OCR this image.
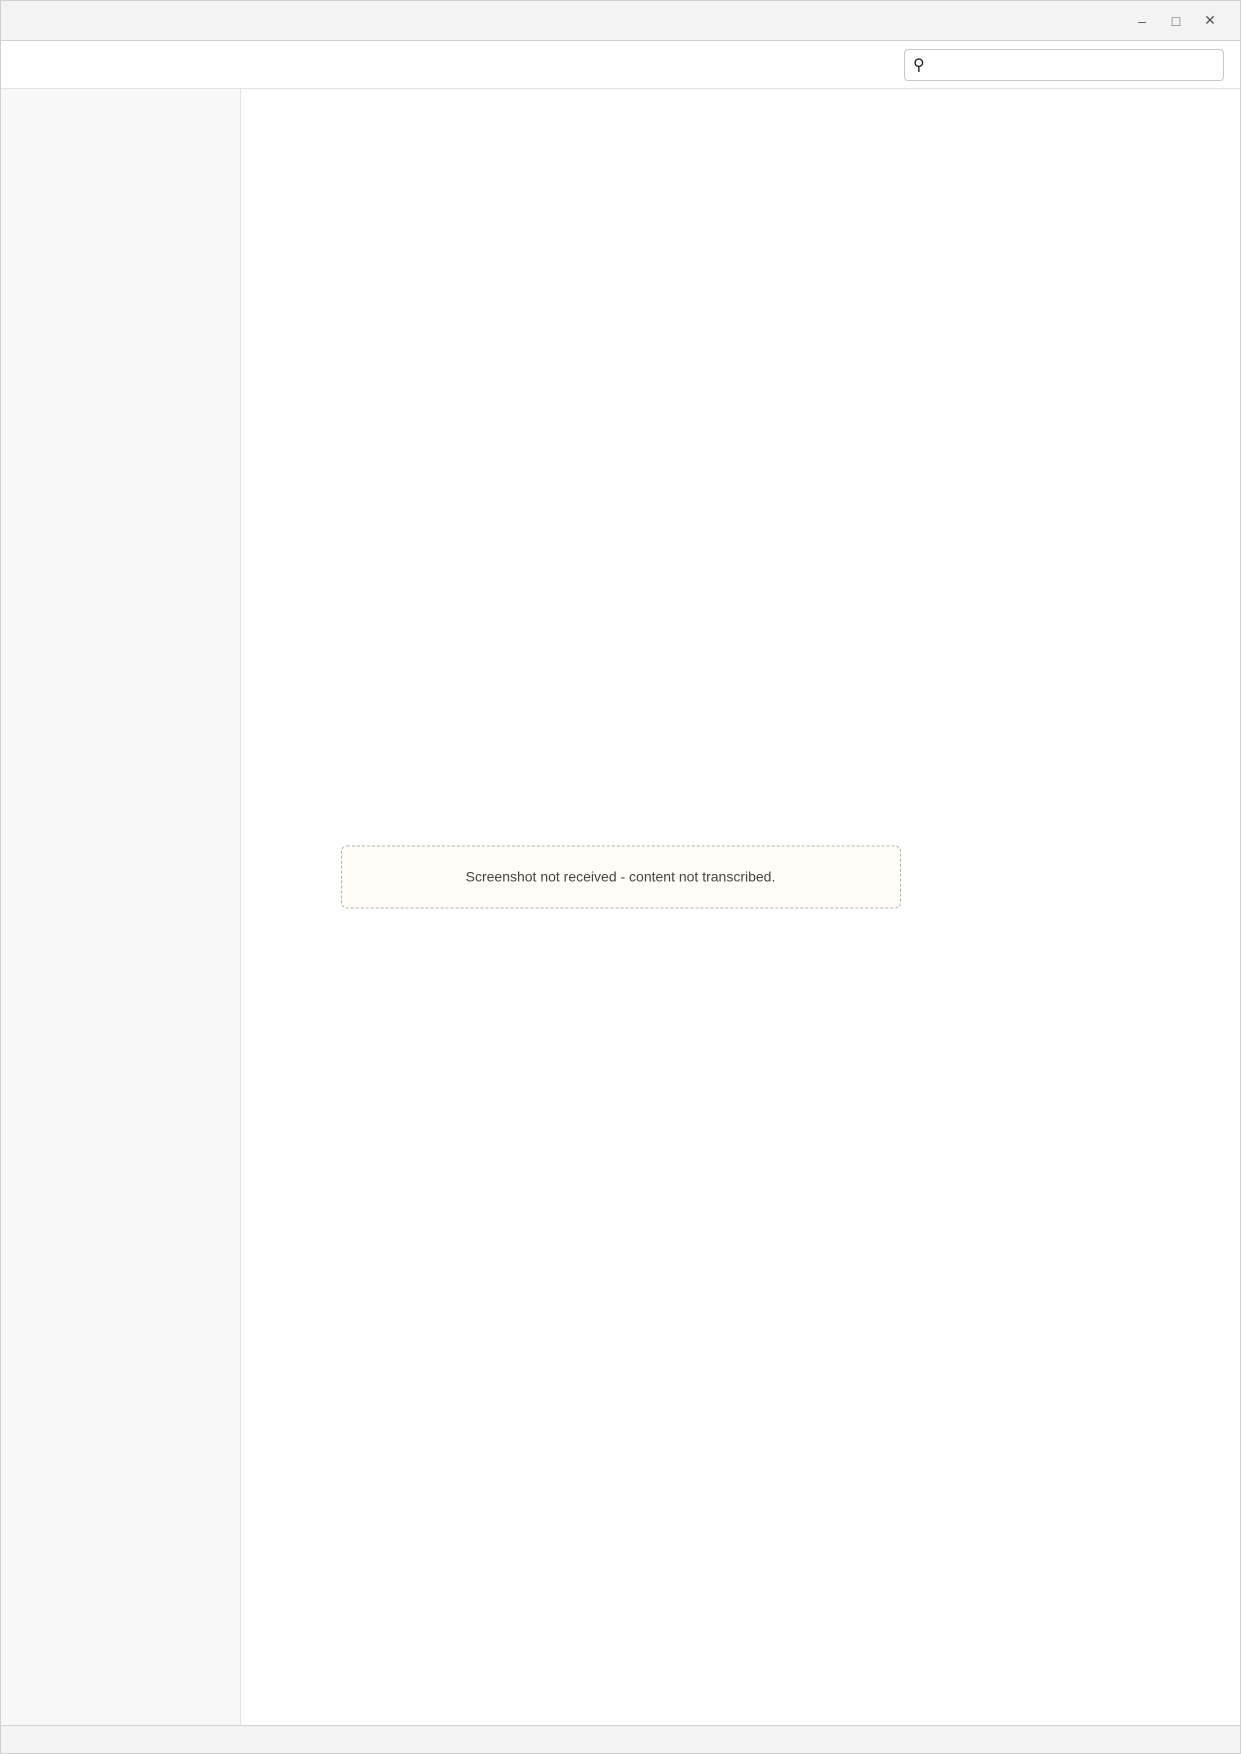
–	□	✕
⚲
Screenshot not received - content not transcribed.
